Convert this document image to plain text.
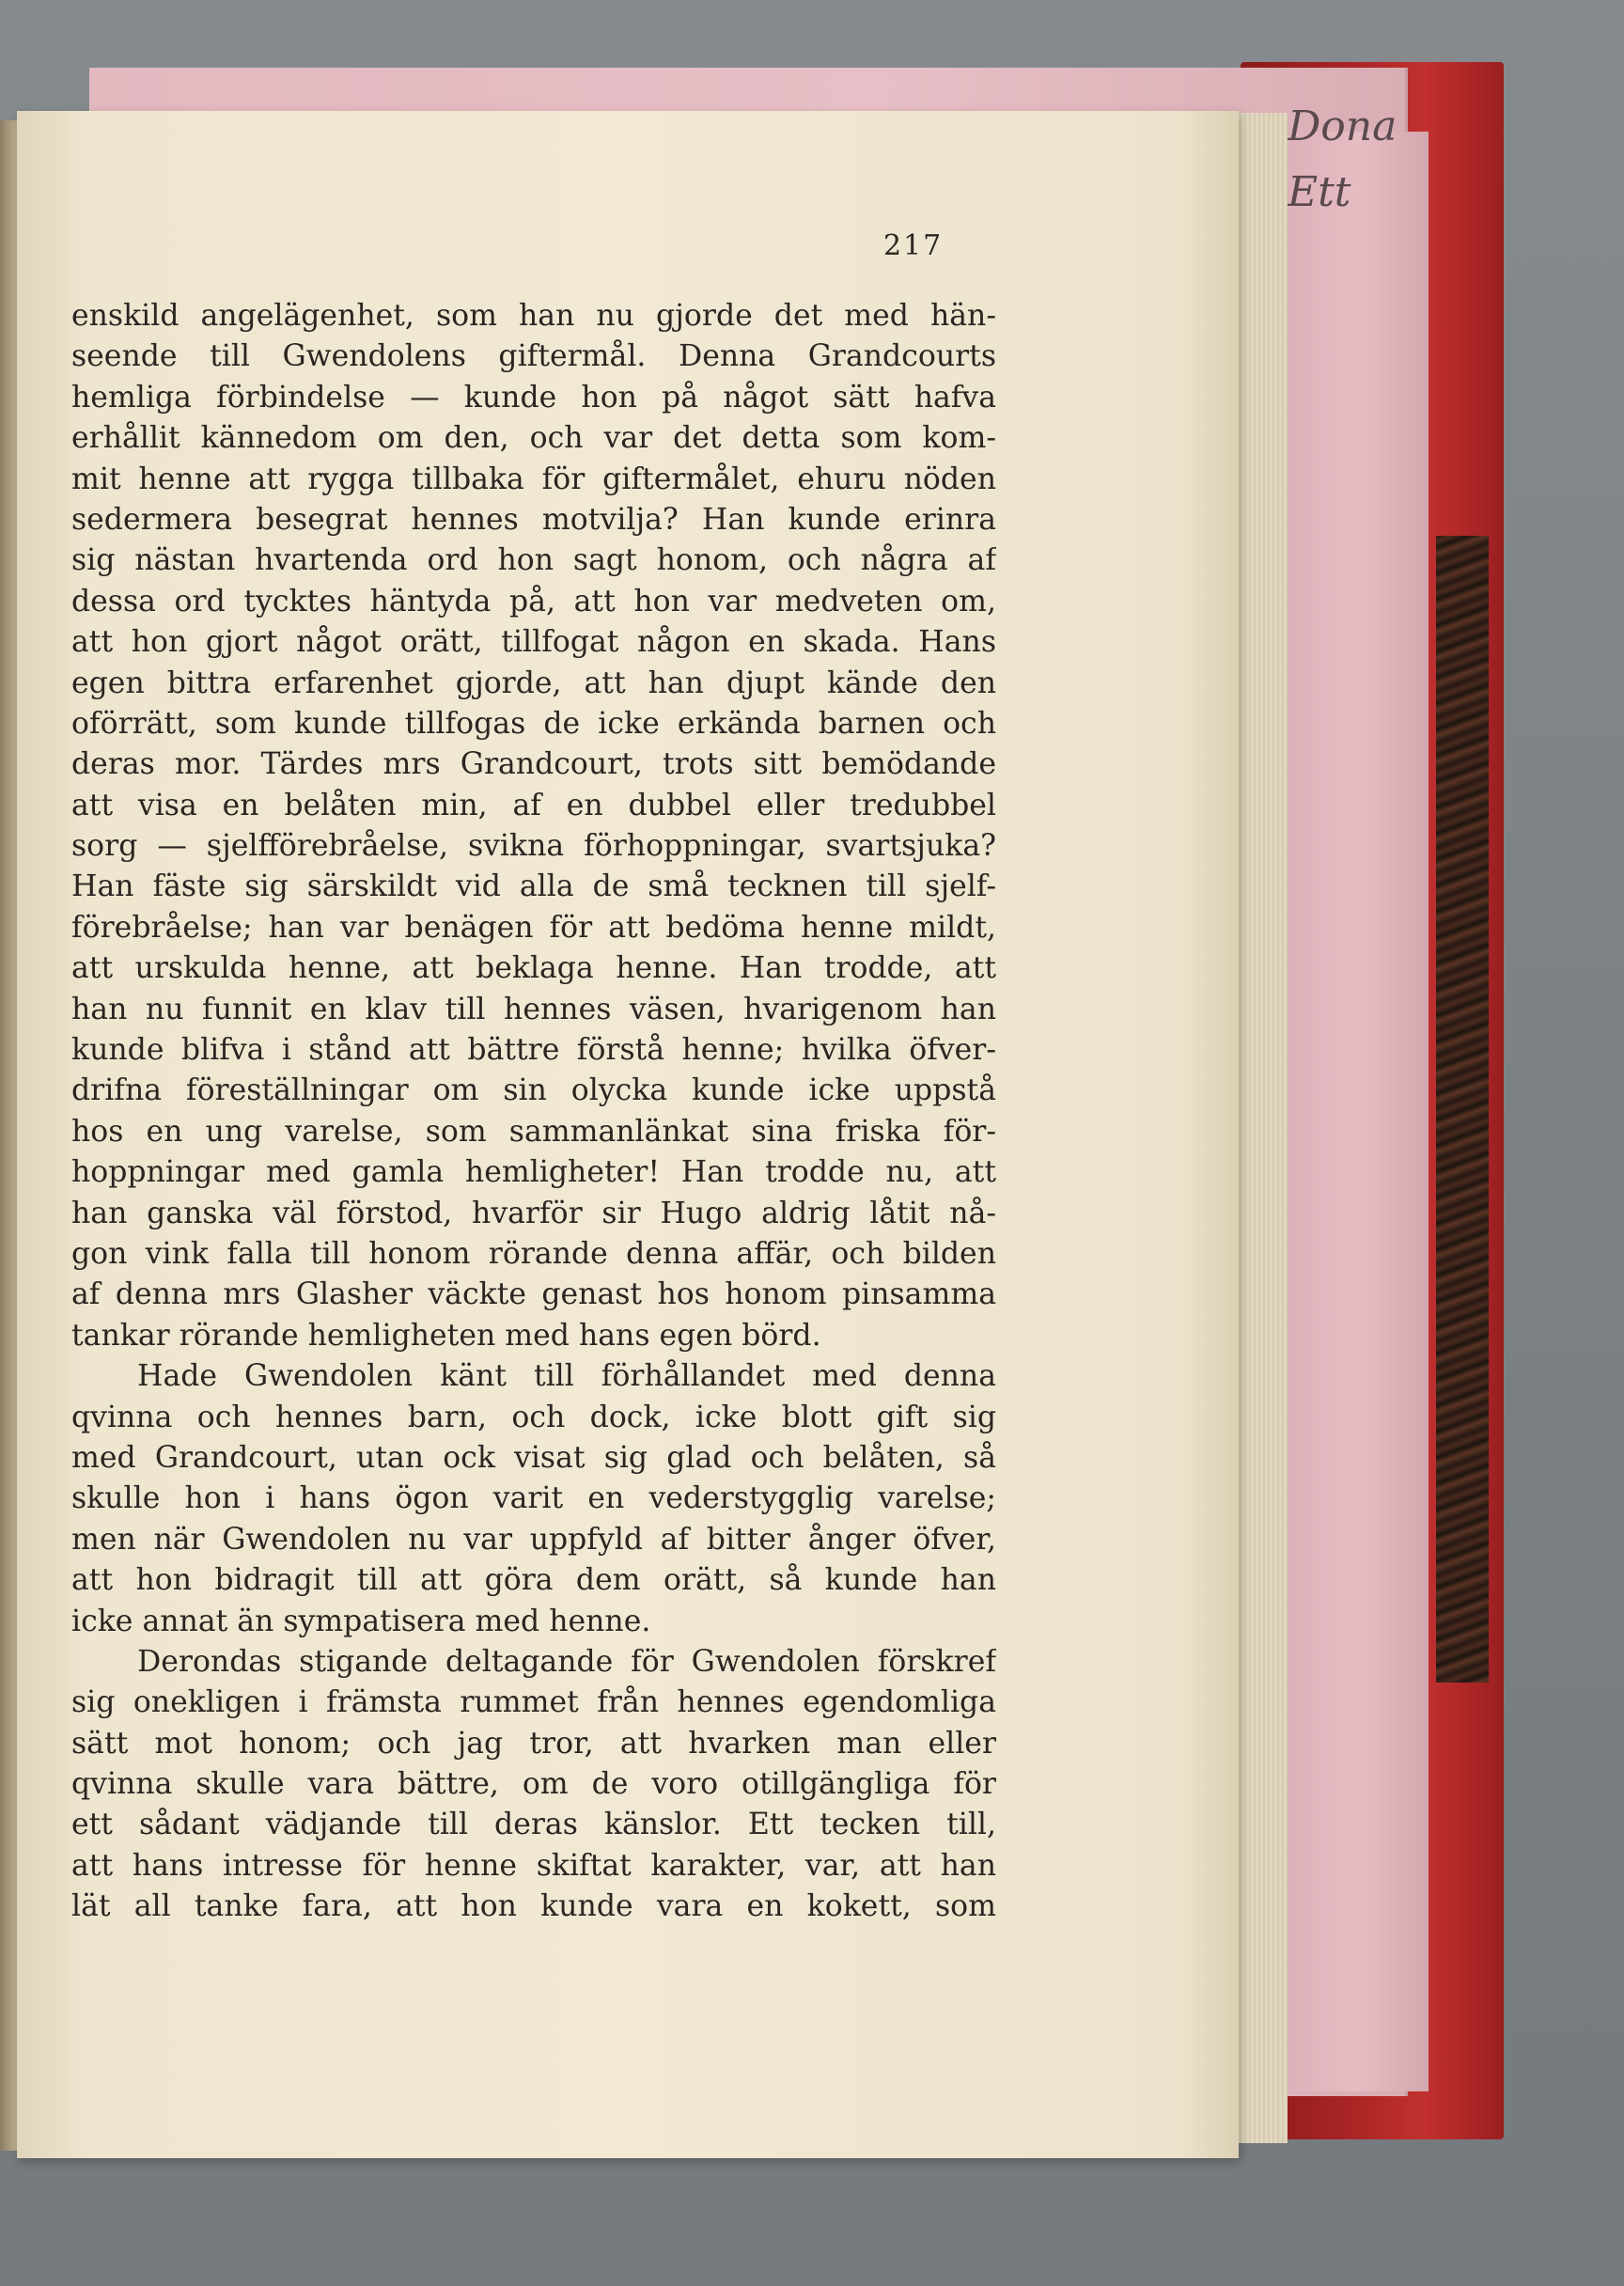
Dona
Ett
217
enskild angelägenhet, som han nu gjorde det med hän-
seende till Gwendolens giftermål. Denna Grandcourts
hemliga förbindelse — kunde hon på något sätt hafva
erhållit kännedom om den, och var det detta som kom-
mit henne att rygga tillbaka för giftermålet, ehuru nöden
sedermera besegrat hennes motvilja? Han kunde erinra
sig nästan hvartenda ord hon sagt honom, och några af
dessa ord tycktes häntyda på, att hon var medveten om,
att hon gjort något orätt, tillfogat någon en skada. Hans
egen bittra erfarenhet gjorde, att han djupt kände den
oförrätt, som kunde tillfogas de icke erkända barnen och
deras mor. Tärdes mrs Grandcourt, trots sitt bemödande
att visa en belåten min, af en dubbel eller tredubbel
sorg — sjelfförebråelse, svikna förhoppningar, svartsjuka?
Han fäste sig särskildt vid alla de små tecknen till sjelf-
förebråelse; han var benägen för att bedöma henne mildt,
att urskulda henne, att beklaga henne. Han trodde, att
han nu funnit en klav till hennes väsen, hvarigenom han
kunde blifva i stånd att bättre förstå henne; hvilka öfver-
drifna föreställningar om sin olycka kunde icke uppstå
hos en ung varelse, som sammanlänkat sina friska för-
hoppningar med gamla hemligheter! Han trodde nu, att
han ganska väl förstod, hvarför sir Hugo aldrig låtit nå-
gon vink falla till honom rörande denna affär, och bilden
af denna mrs Glasher väckte genast hos honom pinsamma
tankar rörande hemligheten med hans egen börd.
Hade Gwendolen känt till förhållandet med denna
qvinna och hennes barn, och dock, icke blott gift sig
med Grandcourt, utan ock visat sig glad och belåten, så
skulle hon i hans ögon varit en vederstygglig varelse;
men när Gwendolen nu var uppfyld af bitter ånger öfver,
att hon bidragit till att göra dem orätt, så kunde han
icke annat än sympatisera med henne.
Derondas stigande deltagande för Gwendolen förskref
sig onekligen i främsta rummet från hennes egendomliga
sätt mot honom; och jag tror, att hvarken man eller
qvinna skulle vara bättre, om de voro otillgängliga för
ett sådant vädjande till deras känslor. Ett tecken till,
att hans intresse för henne skiftat karakter, var, att han
lät all tanke fara, att hon kunde vara en kokett, som
